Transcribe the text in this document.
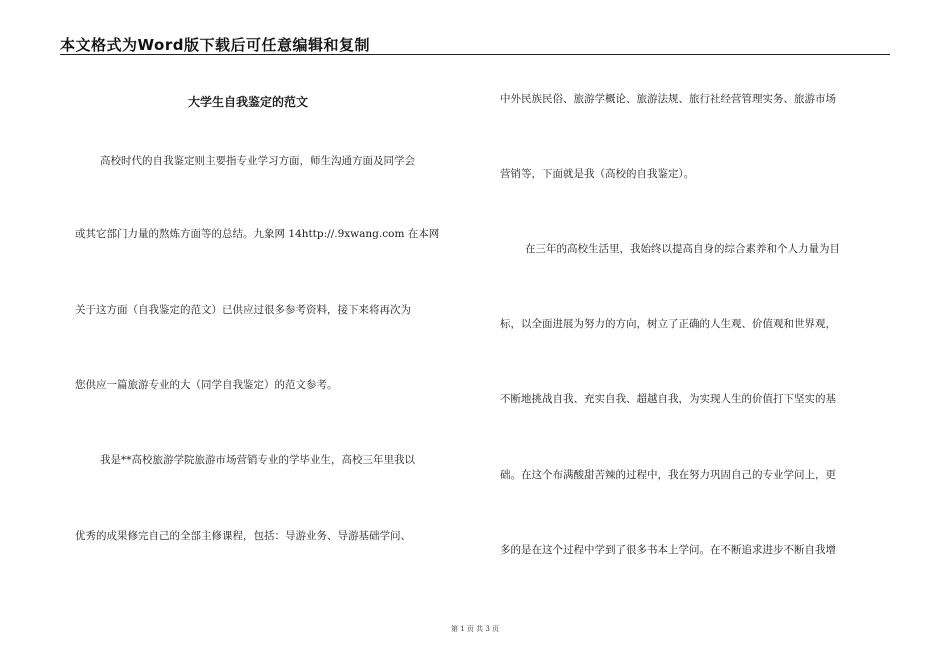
本文格式为Word版下载后可任意编辑和复制
大学生自我鉴定的范文
高校时代的自我鉴定则主要指专业学习方面，师生沟通方面及同学会
或其它部门力量的熬炼方面等的总结。九象网 14http://.9xwang.com 在本网
关于这方面（自我鉴定的范文）已供应过很多参考资料，接下来将再次为
您供应一篇旅游专业的大（同学自我鉴定）的范文参考。
我是**高校旅游学院旅游市场营销专业的学毕业生，高校三年里我以
优秀的成果修完自己的全部主修课程，包括：导游业务、导游基础学问、
中外民族民俗、旅游学概论、旅游法规、旅行社经营管理实务、旅游市场
营销等，下面就是我（高校的自我鉴定）。
在三年的高校生活里，我始终以提高自身的综合素养和个人力量为目
标，以全面进展为努力的方向，树立了正确的人生观、价值观和世界观，
不断地挑战自我、充实自我、超越自我，为实现人生的价值打下坚实的基
础。在这个布满酸甜苦辣的过程中，我在努力巩固自己的专业学问上，更
多的是在这个过程中学到了很多书本上学问。在不断追求进步不断自我增
第 1 页 共 3 页
